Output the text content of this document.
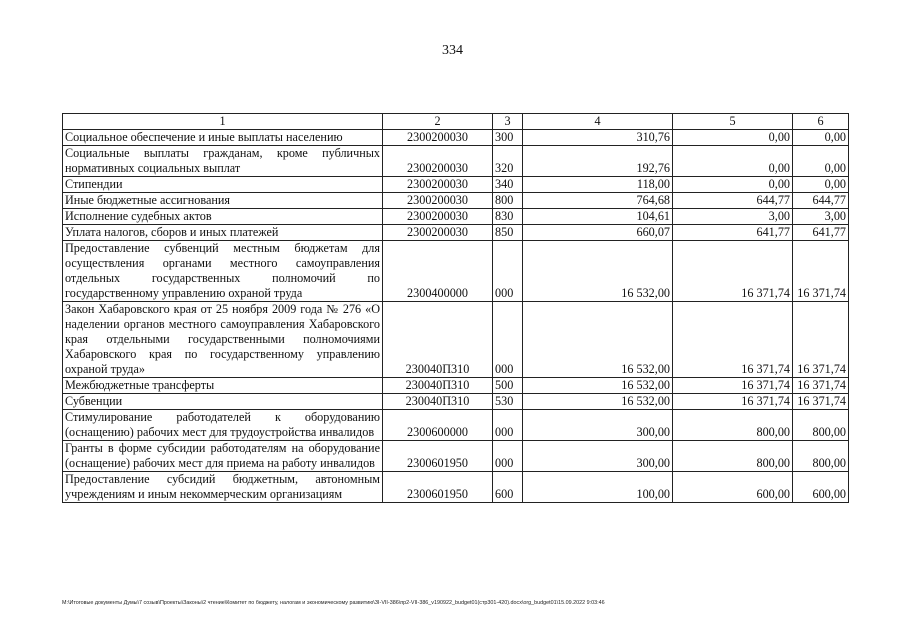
334
1	2	3	4	5	6
Социальное обеспечение и иные выплаты населению	2300200030	300	310,76	0,00	0,00
Социальные выплаты гражданам, кроме публичных нормативных социальных выплат	2300200030	320	192,76	0,00	0,00
Стипендии	2300200030	340	118,00	0,00	0,00
Иные бюджетные ассигнования	2300200030	800	764,68	644,77	644,77
Исполнение судебных актов	2300200030	830	104,61	3,00	3,00
Уплата налогов, сборов и иных платежей	2300200030	850	660,07	641,77	641,77
Предоставление субвенций местным бюджетам для осуществления органами местного самоуправления отдельных государственных полномочий по государственному управлению охраной труда	2300400000	000	16 532,00	16 371,74	16 371,74
Закон Хабаровского края от 25 ноября 2009 года № 276 «О наделении органов местного самоуправления Хабаровского края отдельными государственными полномочиями Хабаровского края по государственному управлению охраной труда»	230040П310	000	16 532,00	16 371,74	16 371,74
Межбюджетные трансферты	230040П310	500	16 532,00	16 371,74	16 371,74
Субвенции	230040П310	530	16 532,00	16 371,74	16 371,74
Стимулирование работодателей к оборудованию (оснащению) рабочих мест для трудоустройства инвалидов	2300600000	000	300,00	800,00	800,00
Гранты в форме субсидии работодателям на оборудование (оснащение) рабочих мест для приема на работу инвалидов	2300601950	000	300,00	800,00	800,00
Предоставление субсидий бюджетным, автономным учреждениям и иным некоммерческим организациям	2300601950	600	100,00	600,00	600,00
M:\Итоговые документы Думы\7 созыв\Проекты\Законы\2 чтение\Комитет по бюджету, налогам и экономическому развитию\ЗI-VII-386\пр2-VII-386_v190922_budget01(стр301-420).docx\org_budget01\15.09.2022 9:03:46
